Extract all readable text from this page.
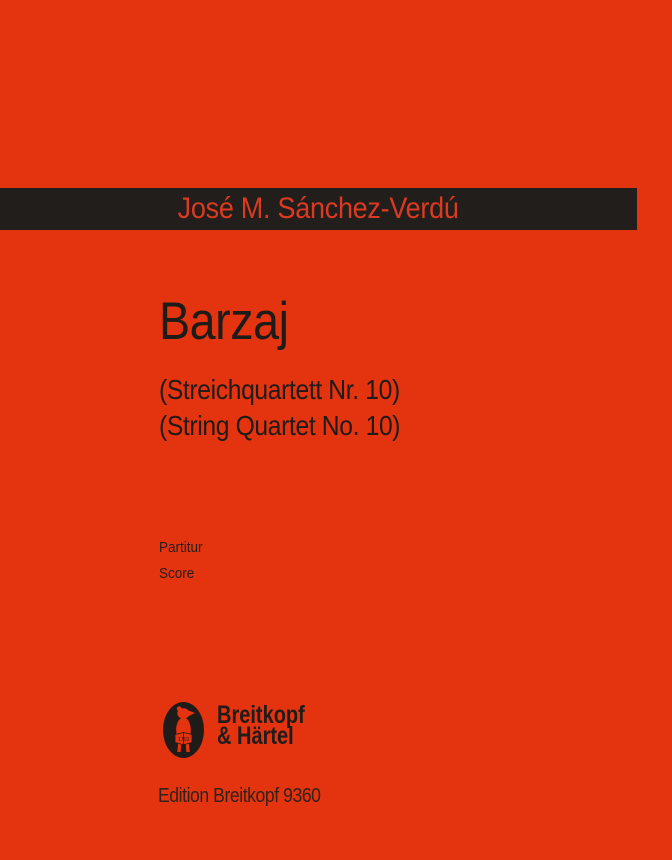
José M. Sánchez-Verdú
Barzaj
(Streichquartett Nr. 10)
(String Quartet No. 10)
Partitur
Score
1719
Breitkopf
& Härtel
Edition Breitkopf 9360
